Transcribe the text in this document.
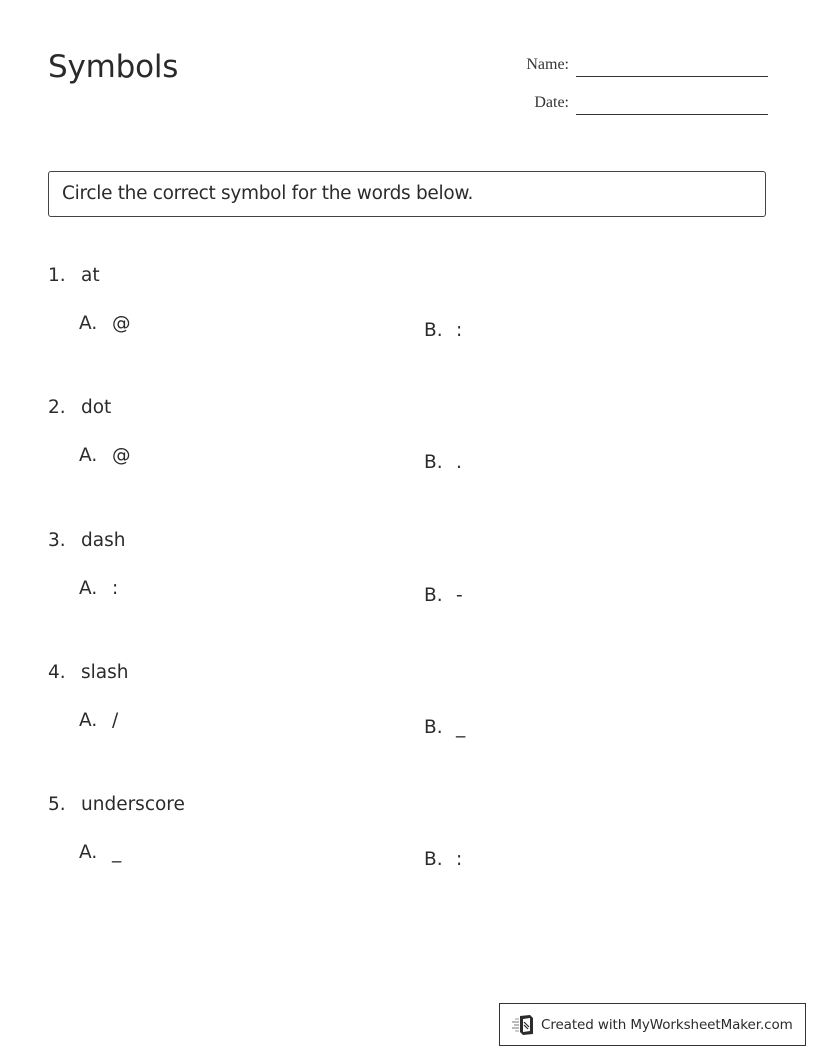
Symbols	Name:
Date:
Circle the correct symbol for the words below.
1. at
A. @	B. :
2. dot
A. @	B. .
3. dash
A. :	B. -
4. slash
A. /	B. _
5. underscore
A. _	B. :
Created with MyWorksheetMaker.com
